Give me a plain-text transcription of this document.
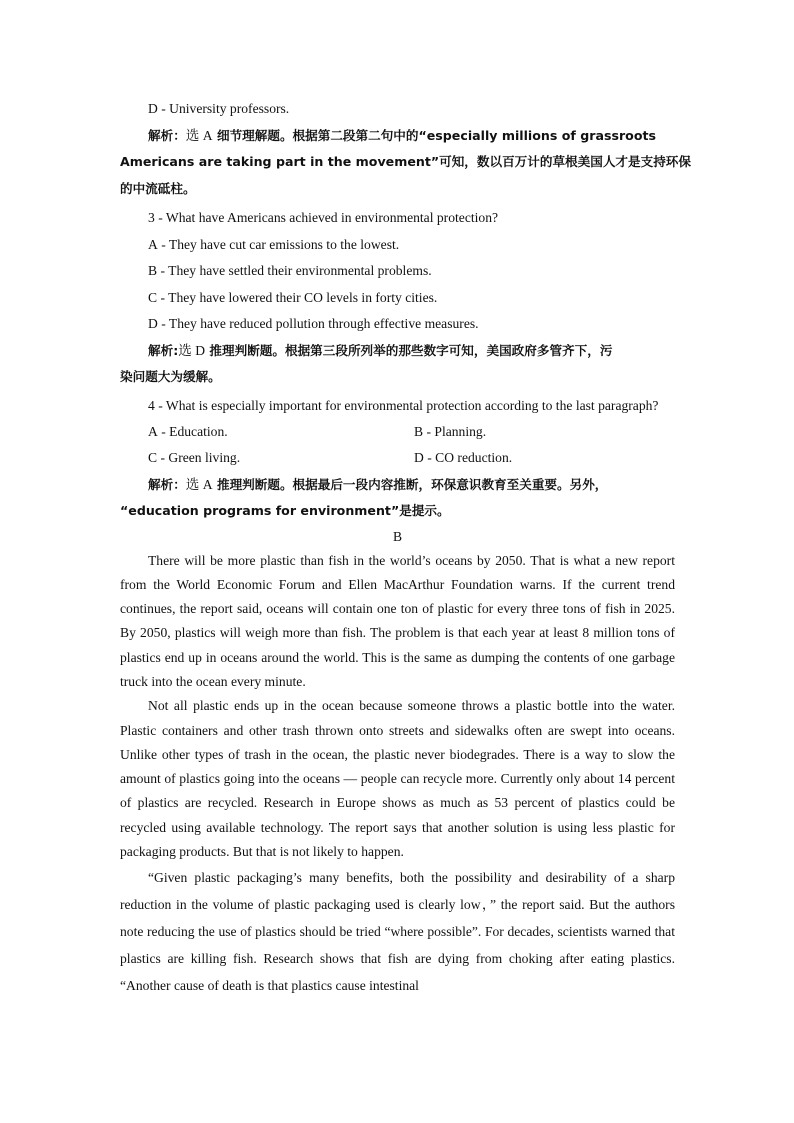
D - University professors.
解析：选 A 细节理解题。根据第二段第二句中的“especially millions of grassroots
Americans are taking part in the movement”可知，数以百万计的草根美国人才是支持环保
的中流砥柱。
3 - What have Americans achieved in environmental protection?
A - They have cut car emissions to the lowest.
B - They have settled their environmental problems.
C - They have lowered their CO levels in forty cities.
D - They have reduced pollution through effective measures.
解析:选 D 推理判断题。根据第三段所列举的那些数字可知，美国政府多管齐下，污
染问题大为缓解。

4 - What is especially important for environmental protection according to the last paragraph?

A - Education.	B - Planning.
C - Green living.	D - CO reduction.
解析：选 A 推理判断题。根据最后一段内容推断，环保意识教育至关重要。另外，
“education programs for environment”是提示。
B

There will be more plastic than fish in the world’s oceans by 2050. That is what a new report from the World Economic Forum and Ellen MacArthur Foundation warns. If the current trend continues, the report said, oceans will contain one ton of plastic for every three tons of fish in 2025. By 2050, plastics will weigh more than fish. The problem is that each year at least 8 million tons of plastics end up in oceans around the world. This is the same as dumping the contents of one garbage truck into the ocean every minute.

Not all plastic ends up in the ocean because someone throws a plastic bottle into the water. Plastic containers and other trash thrown onto streets and sidewalks often are swept into oceans. Unlike other types of trash in the ocean, the plastic never biodegrades. There is a way to slow the amount of plastics going into the oceans — people can recycle more. Currently only about 14 percent of plastics are recycled. Research in Europe shows as much as 53 percent of plastics could be recycled using available technology. The report says that another solution is using less plastic for packaging products. But that is not likely to happen.

“Given plastic packaging’s many benefits, both the possibility and desirability of a sharp reduction in the volume of plastic packaging used is clearly low，” the report said. But the authors note reducing the use of plastics should be tried “where possible”. For decades, scientists warned that plastics are killing fish. Research shows that fish are dying from choking after eating plastics. “Another cause of death is that plastics cause intestinal
